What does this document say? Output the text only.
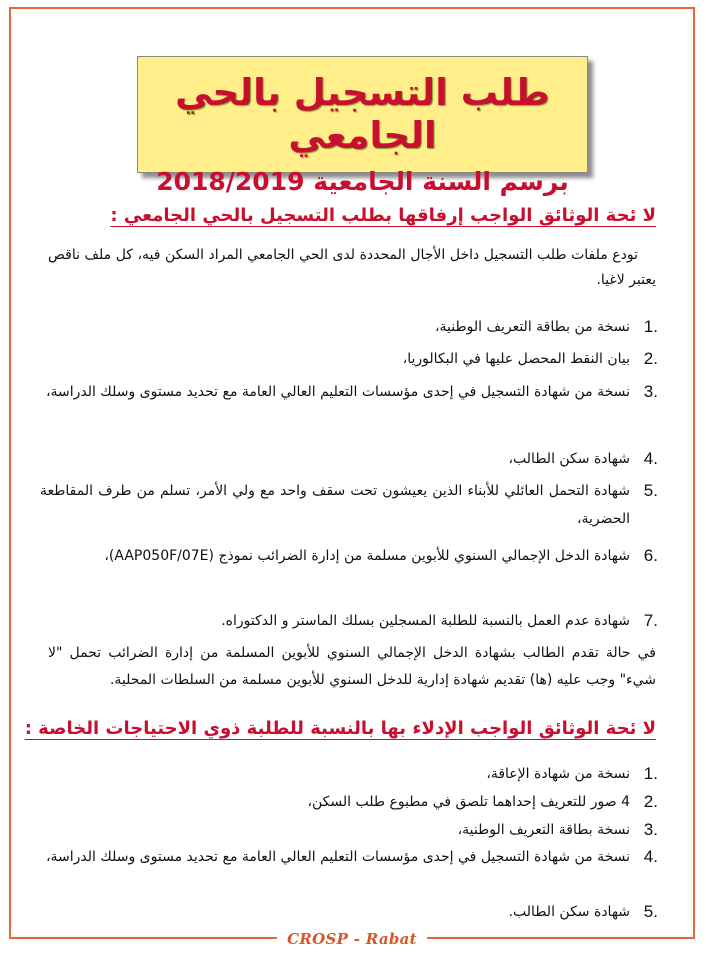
CROSP - Rabat
طلب التسجيل بالحي الجامعي
برسم السنة الجامعية 2018/2019
لا ئحة الوثائق الواجب إرفاقها بطلب التسجيل بالحي الجامعي :
تودع ملفات طلب التسجيل داخل الأجال المحددة لدى الحي الجامعي المراد السكن فيه، كل ملف ناقص يعتبر لاغيا.
.1
نسخة من بطاقة التعريف الوطنية،
.2
بيان النقط المحصل عليها في البكالوريا،
.3
نسخة من شهادة التسجيل في إحدى مؤسسات التعليم العالي العامة مع تحديد مستوى وسلك الدراسة،
.4
شهادة سكن الطالب،
.5
شهادة التحمل العائلي للأبناء الذين يعيشون تحت سقف واحد مع ولي الأمر، تسلم من طرف المقاطعة الحضرية،
.6
شهادة الدخل الإجمالي السنوي للأبوين مسلمة من إدارة الضرائب نموذج (AAP050F/07E)،
.7
شهادة عدم العمل بالنسبة للطلبة المسجلين بسلك الماستر و الدكتوراه.
في حالة تقدم الطالب بشهادة الدخل الإجمالي السنوي للأبوين المسلمة من إدارة الضرائب تحمل "لا شيء" وجب عليه (ها) تقديم شهادة إدارية للدخل السنوي للأبوين مسلمة من السلطات المحلية.
لا ئحة الوثائق الواجب الإدلاء بها بالنسبة للطلبة ذوي الاحتياجات الخاصة :
.1
نسخة من شهادة الإعاقة،
.2
4 صور للتعريف إحداهما تلصق في مطبوع طلب السكن،
.3
نسخة بطاقة التعريف الوطنية،
.4
نسخة من شهادة التسجيل في إحدى مؤسسات التعليم العالي العامة مع تحديد مستوى وسلك الدراسة،
.5
شهادة سكن الطالب.
